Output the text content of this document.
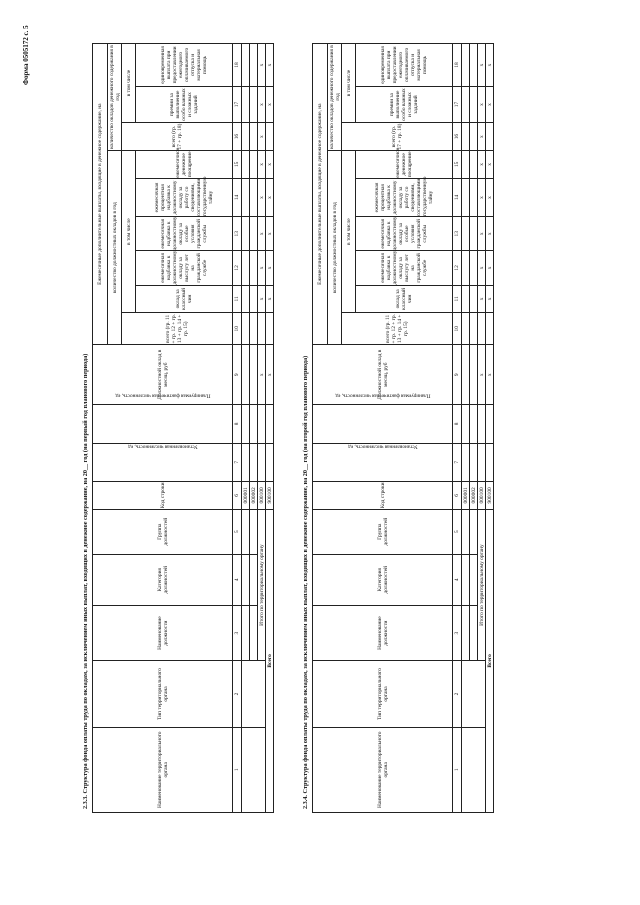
Форма 0505172 с. 5
2.3.3. Структура фонда оплаты труда по окладам, за исключением иных выплат, входящих в денежное содержание, на 20__ год (на первый год планового периода)	Наименование территориального органа	Тип территориального органа	Наименование должности	Категория должностей	Группа должностей	Код строки	Установленная численность, ед	Планируемая фактическая численность, ед	Должностной оклад в месяц, руб	Ежемесячные дополнительные выплаты, входящие в денежное содержание, на								
									количество должностных окладов в год						количество окладов денежного содержания в год		
									всего (гр. 11 + гр. 12 + гр. 13 + гр. 14 + гр. 15)	в том числе					всего (гр. 17 + гр. 18)	в том числе	
										оклад за классный чин	ежемесячная надбавка к должностному окладу за выслугу лет на гражданской службе	ежемесячная надбавка к должностному окладу за особые условия гражданской службы	ежемесячная процентная надбавка к должностному окладу за работу со сведениями, составляющими государственную тайну	ежемесячное денежное поощрение		премии за выполнение особо важных и сложных заданий	единовременная выплата при предоставлении ежегодного оплачиваемого отпуска и материальная помощь
1	2	3	4	5	6	7	8	9	10	11	12	13	14	15	16	17	18
					000001												
					000002												
		Итого по территориальному органу			000100			x		x	x	x	x	x	x	x	x
Всего					900100			x		x	x	x	x	x		x	x
2.3.4. Структура фонда оплаты труда по окладам, за исключением иных выплат, входящих в денежное содержание, на 20__ год (на второй год планового периода)	Наименование территориального органа	Тип территориального органа	Наименование должности	Категория должностей	Группа должностей	Код строки	Установленная численность, ед	Планируемая фактическая численность, ед	Должностной оклад в месяц, руб	Ежемесячные дополнительные выплаты, входящие в денежное содержание, на								
									количество должностных окладов в год						количество окладов денежного содержания в год		
									всего (гр. 11 + гр. 12 + гр. 13 + гр. 14 + гр. 15)	в том числе					всего (гр. 17 + гр. 18)	в том числе	
										оклад за классный чин	ежемесячная надбавка к должностному окладу за выслугу лет на гражданской службе	ежемесячная надбавка к должностному окладу за особые условия гражданской службы	ежемесячная процентная надбавка к должностному окладу за работу со сведениями, составляющими государственную тайну	ежемесячное денежное поощрение		премии за выполнение особо важных и сложных заданий	единовременная выплата при предоставлении ежегодного оплачиваемого отпуска и материальная помощь
1	2	3	4	5	6	7	8	9	10	11	12	13	14	15	16	17	18
					000001												
					000002												
		Итого по территориальному органу			000100			x		x	x	x	x	x	x	x	x
Всего					900100			x		x	x	x	x	x		x	x
